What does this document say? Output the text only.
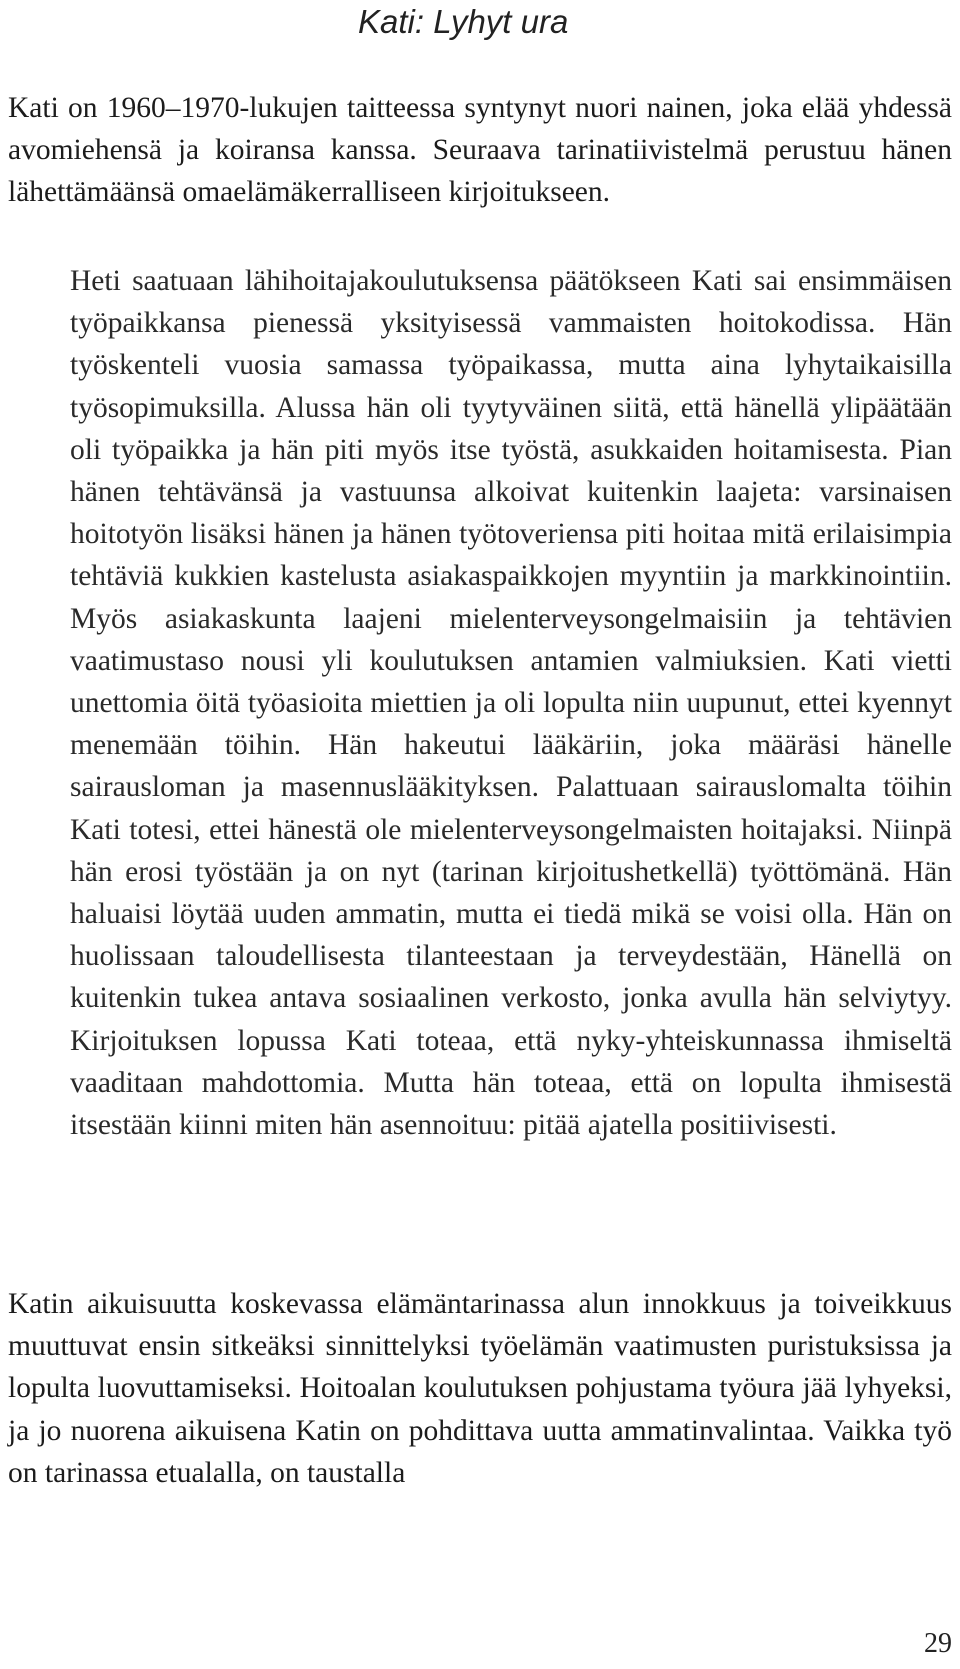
Kati: Lyhyt ura

Kati on 1960–1970-lukujen taitteessa syntynyt nuori nainen, joka elää yhdessä avomiehensä ja koiransa kanssa. Seuraava tarinatiivistelmä perustuu hänen lähettämäänsä omaelämäkerralliseen kirjoitukseen.

Heti saatuaan lähihoitajakoulutuksensa päätökseen Kati sai ensimmäisen työpaikkansa pienessä yksityisessä vammaisten hoitokodissa. Hän työskenteli vuosia samassa työpaikassa, mutta aina lyhytaikaisilla työsopimuksilla. Alussa hän oli tyytyväinen siitä, että hänellä ylipäätään oli työpaikka ja hän piti myös itse työstä, asukkaiden hoitamisesta. Pian hänen tehtävänsä ja vastuunsa alkoivat kuitenkin laajeta: varsinaisen hoitotyön lisäksi hänen ja hänen työtoveriensa piti hoitaa mitä erilaisimpia tehtäviä kukkien kastelusta asiakaspaikkojen myyntiin ja markkinointiin. Myös asiakaskunta laajeni mielenterveysongelmaisiin ja tehtävien vaatimustaso nousi yli koulutuksen antamien valmiuksien. Kati vietti unettomia öitä työasioita miettien ja oli lopulta niin uupunut, ettei kyennyt menemään töihin. Hän hakeutui lääkäriin, joka määräsi hänelle sairausloman ja masennuslääkityksen. Palattuaan sairauslomalta töihin Kati totesi, ettei hänestä ole mielenterveysongelmaisten hoitajaksi. Niinpä hän erosi työstään ja on nyt (tarinan kirjoitushetkellä) työttömänä. Hän haluaisi löytää uuden ammatin, mutta ei tiedä mikä se voisi olla. Hän on huolissaan taloudellisesta tilanteestaan ja terveydestään, Hänellä on kuitenkin tukea antava sosiaalinen verkosto, jonka avulla hän selviytyy. Kirjoituksen lopussa Kati toteaa, että nyky-yhteiskunnassa ihmiseltä vaaditaan mahdottomia. Mutta hän toteaa, että on lopulta ihmisestä itsestään kiinni miten hän asennoituu: pitää ajatella positiivisesti.

Katin aikuisuutta koskevassa elämäntarinassa alun innokkuus ja toiveikkuus muuttuvat ensin sitkeäksi sinnittelyksi työelämän vaatimusten puristuksissa ja lopulta luovuttamiseksi. Hoitoalan koulutuksen pohjustama työura jää lyhyeksi, ja jo nuorena aikuisena Katin on pohdittava uutta ammatinvalintaa. Vaikka työ on tarinassa etualalla, on taustalla

29
